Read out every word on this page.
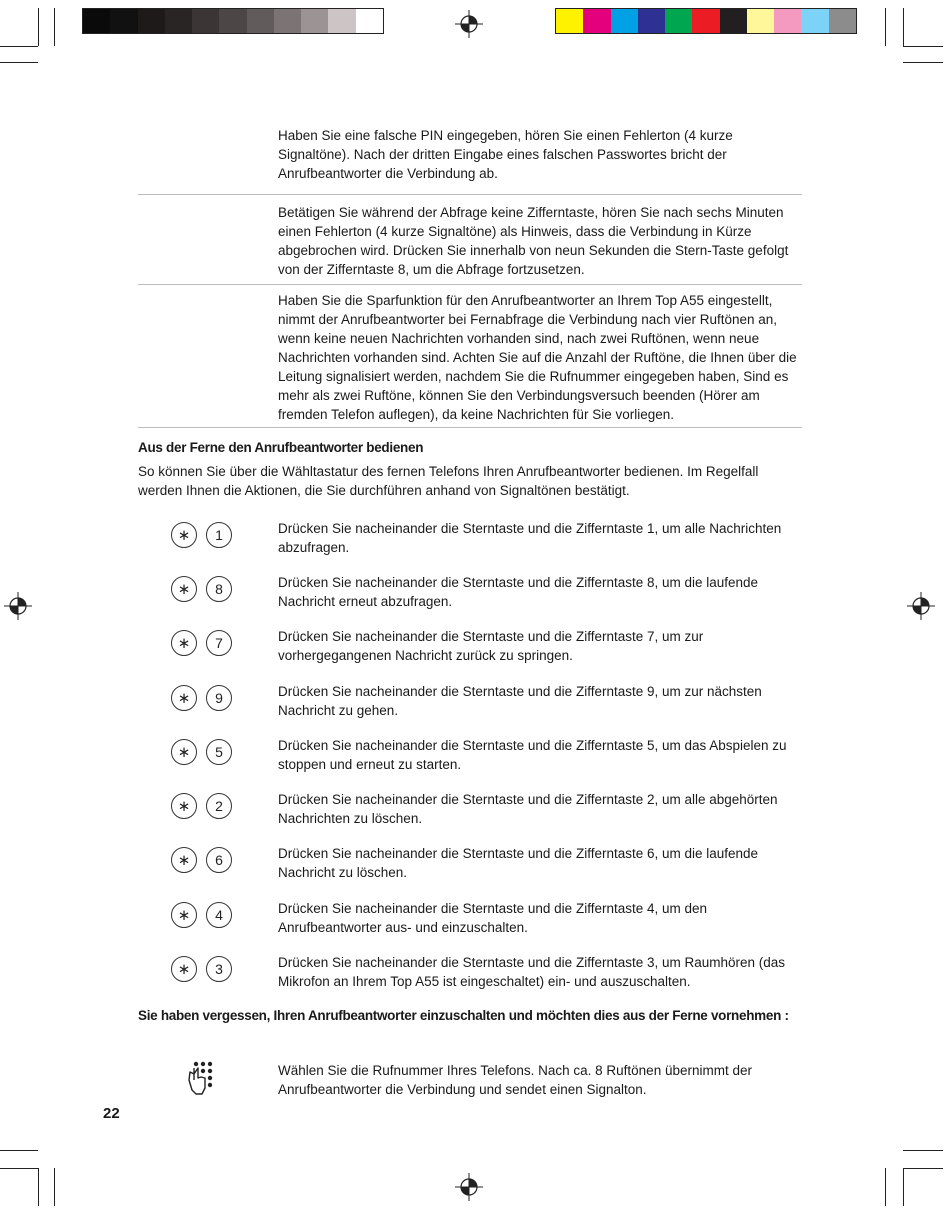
Haben Sie eine falsche PIN eingegeben, hören Sie einen Fehlerton (4 kurze Signaltöne). Nach der dritten Eingabe eines falschen Passwortes bricht der Anrufbeantworter die Verbindung ab.
Betätigen Sie während der Abfrage keine Zifferntaste, hören Sie nach sechs Minuten einen Fehlerton (4 kurze Signaltöne) als Hinweis, dass die Verbindung in Kürze abgebrochen wird. Drücken Sie innerhalb von neun Sekunden die Stern-Taste gefolgt von der Zifferntaste 8, um die Abfrage fortzusetzen.
Haben Sie die Sparfunktion für den Anrufbeantworter an Ihrem Top A55 eingestellt, nimmt der Anrufbeantworter bei Fernabfrage die Verbindung nach vier Ruftönen an, wenn keine neuen Nachrichten vorhanden sind, nach zwei Ruftönen, wenn neue Nachrichten vorhanden sind. Achten Sie auf die Anzahl der Ruftöne, die Ihnen über die Leitung signalisiert werden, nachdem Sie die Rufnummer eingegeben haben, Sind es mehr als zwei Ruftöne, können Sie den Verbindungsversuch beenden (Hörer am fremden Telefon auflegen), da keine Nachrichten für Sie vorliegen.
Aus der Ferne den Anrufbeantworter bedienen
So können Sie über die Wähltastatur des fernen Telefons Ihren Anrufbeantworter bedienen. Im Regelfall werden Ihnen die Aktionen, die Sie durchführen anhand von Signaltönen bestätigt.
∗	1	Drücken Sie nacheinander die Sterntaste und die Zifferntaste 1, um alle Nachrichten abzufragen.
∗	8	Drücken Sie nacheinander die Sterntaste und die Zifferntaste 8, um die laufende Nachricht erneut abzufragen.
∗	7	Drücken Sie nacheinander die Sterntaste und die Zifferntaste 7, um zur vorhergegangenen Nachricht zurück zu springen.
∗	9	Drücken Sie nacheinander die Sterntaste und die Zifferntaste 9, um zur nächsten Nachricht zu gehen.
∗	5	Drücken Sie nacheinander die Sterntaste und die Zifferntaste 5, um das Abspielen zu stoppen und erneut zu starten.
∗	2	Drücken Sie nacheinander die Sterntaste und die Zifferntaste 2, um alle abgehörten Nachrichten zu löschen.
∗	6	Drücken Sie nacheinander die Sterntaste und die Zifferntaste 6, um die laufende Nachricht zu löschen.
∗	4	Drücken Sie nacheinander die Sterntaste und die Zifferntaste 4, um den Anrufbeantworter aus- und einzuschalten.
∗	3	Drücken Sie nacheinander die Sterntaste und die Zifferntaste 3, um Raumhören (das Mikrofon an Ihrem Top A55 ist eingeschaltet) ein- und auszuschalten.
Sie haben vergessen, Ihren Anrufbeantworter einzuschalten und möchten dies aus der Ferne vornehmen :
Wählen Sie die Rufnummer Ihres Telefons. Nach ca. 8 Ruftönen übernimmt der Anrufbeantworter die Verbindung und sendet einen Signalton.
22
